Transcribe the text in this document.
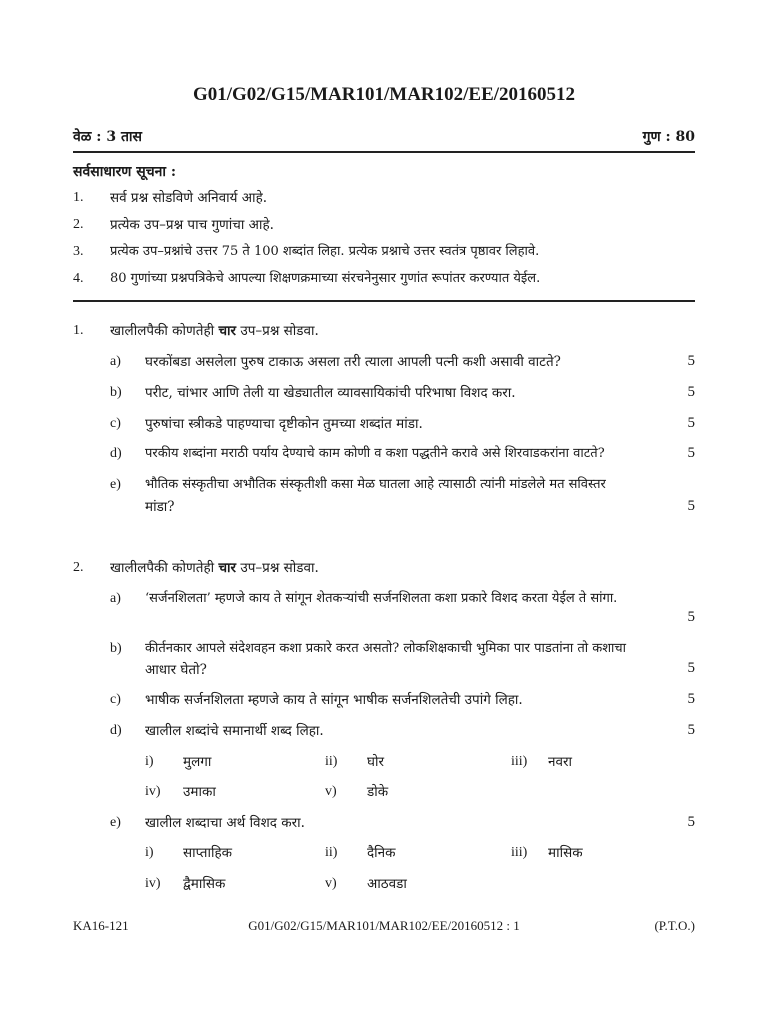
G01/G02/G15/MAR101/MAR102/EE/20160512
वेळ : 3 तास	गुण : 80
सर्वसाधारण सूचना :
1. सर्व प्रश्न सोडविणे अनिवार्य आहे.
2. प्रत्येक उप–प्रश्न पाच गुणांचा आहे.
3. प्रत्येक उप–प्रश्नांचे उत्तर 75 ते 100 शब्दांत लिहा. प्रत्येक प्रश्नाचे उत्तर स्वतंत्र पृष्ठावर लिहावे.
4. 80 गुणांच्या प्रश्नपत्रिकेचे आपल्या शिक्षणक्रमाच्या संरचनेनुसार गुणांत रूपांतर करण्यात येईल.
1. खालीलपैकी कोणतेही चार उप–प्रश्न सोडवा.
a) घरकोंबडा असलेला पुरुष टाकाऊ असला तरी त्याला आपली पत्नी कशी असावी वाटते?	5
b) परीट, चांभार आणि तेली या खेड्यातील व्यावसायिकांची परिभाषा विशद करा.	5
c) पुरुषांचा स्त्रीकडे पाहण्याचा दृष्टीकोन तुमच्या शब्दांत मांडा.	5
d) परकीय शब्दांना मराठी पर्याय देण्याचे काम कोणी व कशा पद्धतीने करावे असे शिरवाडकरांना वाटते?	5
e) भौतिक संस्कृतीचा अभौतिक संस्कृतीशी कसा मेळ घातला आहे त्यासाठी त्यांनी मांडलेले मत सविस्तर
मांडा?	5
2. खालीलपैकी कोणतेही चार उप–प्रश्न सोडवा.
a) ‘सर्जनशिलता’ म्हणजे काय ते सांगून शेतकऱ्यांची सर्जनशिलता कशा प्रकारे विशद करता येईल ते सांगा.
5
b) कीर्तनकार आपले संदेशवहन कशा प्रकारे करत असतो? लोकशिक्षकाची भुमिका पार पाडतांना तो कशाचा
आधार घेतो?	5
c) भाषीक सर्जनशिलता म्हणजे काय ते सांगून भाषीक सर्जनशिलतेची उपांगे लिहा.	5
d) खालील शब्दांचे समानार्थी शब्द लिहा.	5
i) मुलगा	ii) घोर	iii) नवरा
iv) उमाका	v) डोके
e) खालील शब्दाचा अर्थ विशद करा.	5
i) साप्ताहिक	ii) दैनिक	iii) मासिक
iv) द्वैमासिक	v) आठवडा
KA16-121	G01/G02/G15/MAR101/MAR102/EE/20160512 : 1	(P.T.O.)
